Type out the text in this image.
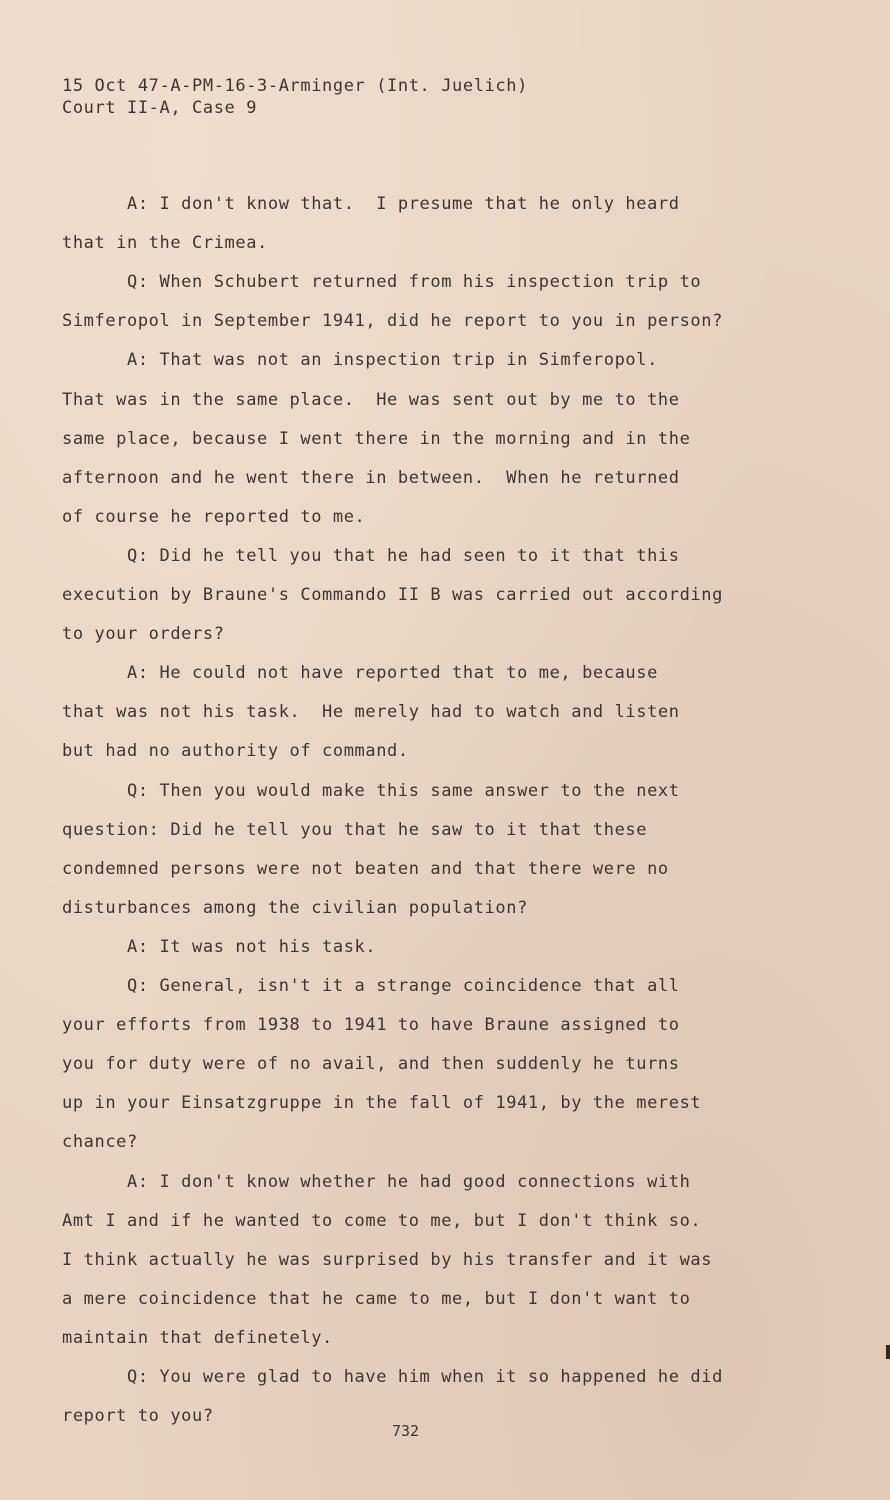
15 Oct 47-A-PM-16-3-Arminger (Int. Juelich)
Court II-A, Case 9
A: I don't know that.  I presume that he only heard
that in the Crimea.
Q: When Schubert returned from his inspection trip to
Simferopol in September 1941, did he report to you in person?
A: That was not an inspection trip in Simferopol.
That was in the same place.  He was sent out by me to the
same place, because I went there in the morning and in the
afternoon and he went there in between.  When he returned
of course he reported to me.
Q: Did he tell you that he had seen to it that this
execution by Braune's Commando II B was carried out according
to your orders?
A: He could not have reported that to me, because
that was not his task.  He merely had to watch and listen
but had no authority of command.
Q: Then you would make this same answer to the next
question: Did he tell you that he saw to it that these
condemned persons were not beaten and that there were no
disturbances among the civilian population?
A: It was not his task.
Q: General, isn't it a strange coincidence that all
your efforts from 1938 to 1941 to have Braune assigned to
you for duty were of no avail, and then suddenly he turns
up in your Einsatzgruppe in the fall of 1941, by the merest
chance?
A: I don't know whether he had good connections with
Amt I and if he wanted to come to me, but I don't think so.
I think actually he was surprised by his transfer and it was
a mere coincidence that he came to me, but I don't want to
maintain that definetely.
Q: You were glad to have him when it so happened he did
report to you?
732
